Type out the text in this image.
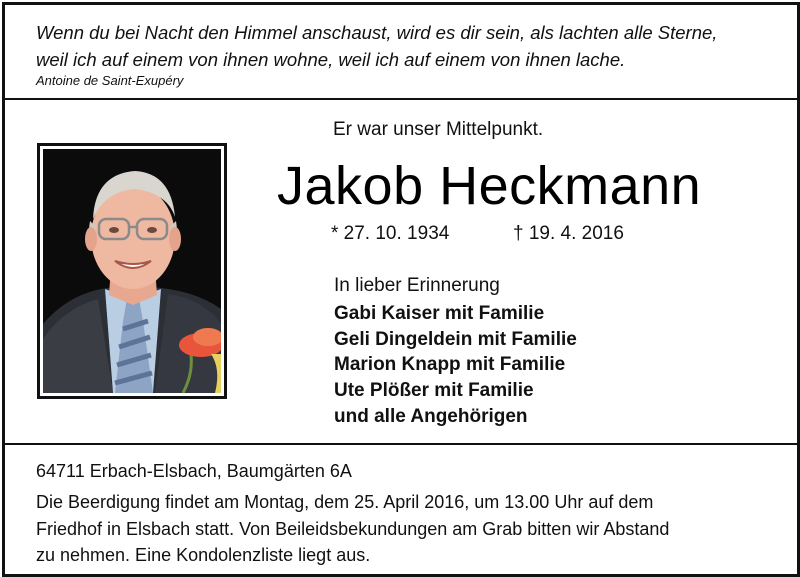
Wenn du bei Nacht den Himmel anschaust, wird es dir sein, als lachten alle Sterne,
weil ich auf einem von ihnen wohne, weil ich auf einem von ihnen lache.
Antoine de Saint-Exupéry
Er war unser Mittelpunkt.
Jakob Heckmann
* 27. 10. 1934	† 19. 4. 2016
In lieber Erinnerung
Gabi Kaiser mit Familie
Geli Dingeldein mit Familie
Marion Knapp mit Familie
Ute Plößer mit Familie
und alle Angehörigen
64711 Erbach-Elsbach, Baumgärten 6A
Die Beerdigung findet am Montag, dem 25. April 2016, um 13.00 Uhr auf dem
Friedhof in Elsbach statt. Von Beileidsbekundungen am Grab bitten wir Abstand
zu nehmen. Eine Kondolenzliste liegt aus.
